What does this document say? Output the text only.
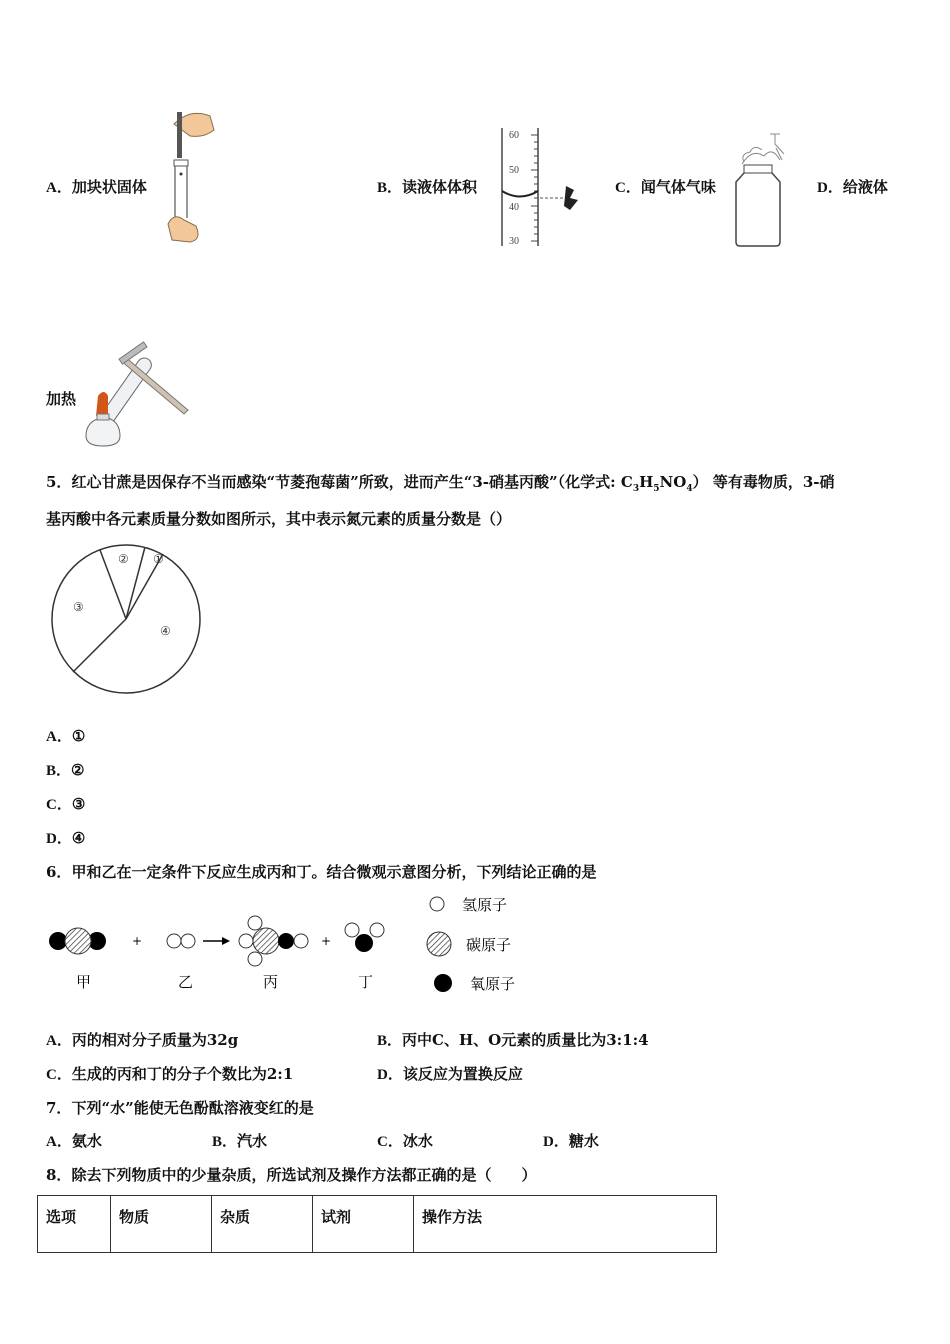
A．加块状固体	B．读液体体积
60
50
40
30
C．闻气体气味	D．给液体
加热
5．红心甘蔗是因保存不当而感染“节菱孢莓菌”所致，进而产生“3-硝基丙酸”（化学式: $C_3H_5NO_4$） 等有毒物质，3-硝
基丙酸中各元素质量分数如图所示，其中表示氮元素的质量分数是（）
①
②
③
④
A．①
B．②
C．③
D．④
6．甲和乙在一定条件下反应生成丙和丁。结合微观示意图分析，下列结论正确的是
+	+
甲	乙	丙	丁
氢原子
碳原子
氧原子
A．丙的相对分子质量为32g	B．丙中C、H、O元素的质量比为3:1:4
C．生成的丙和丁的分子个数比为2:1	D．该反应为置换反应
7．下列“水”能使无色酚酞溶液变红的是
A．氨水	B．汽水	C．冰水	D．糖水
8．除去下列物质中的少量杂质，所选试剂及操作方法都正确的是（　　）
选项	物质	杂质	试剂	操作方法
